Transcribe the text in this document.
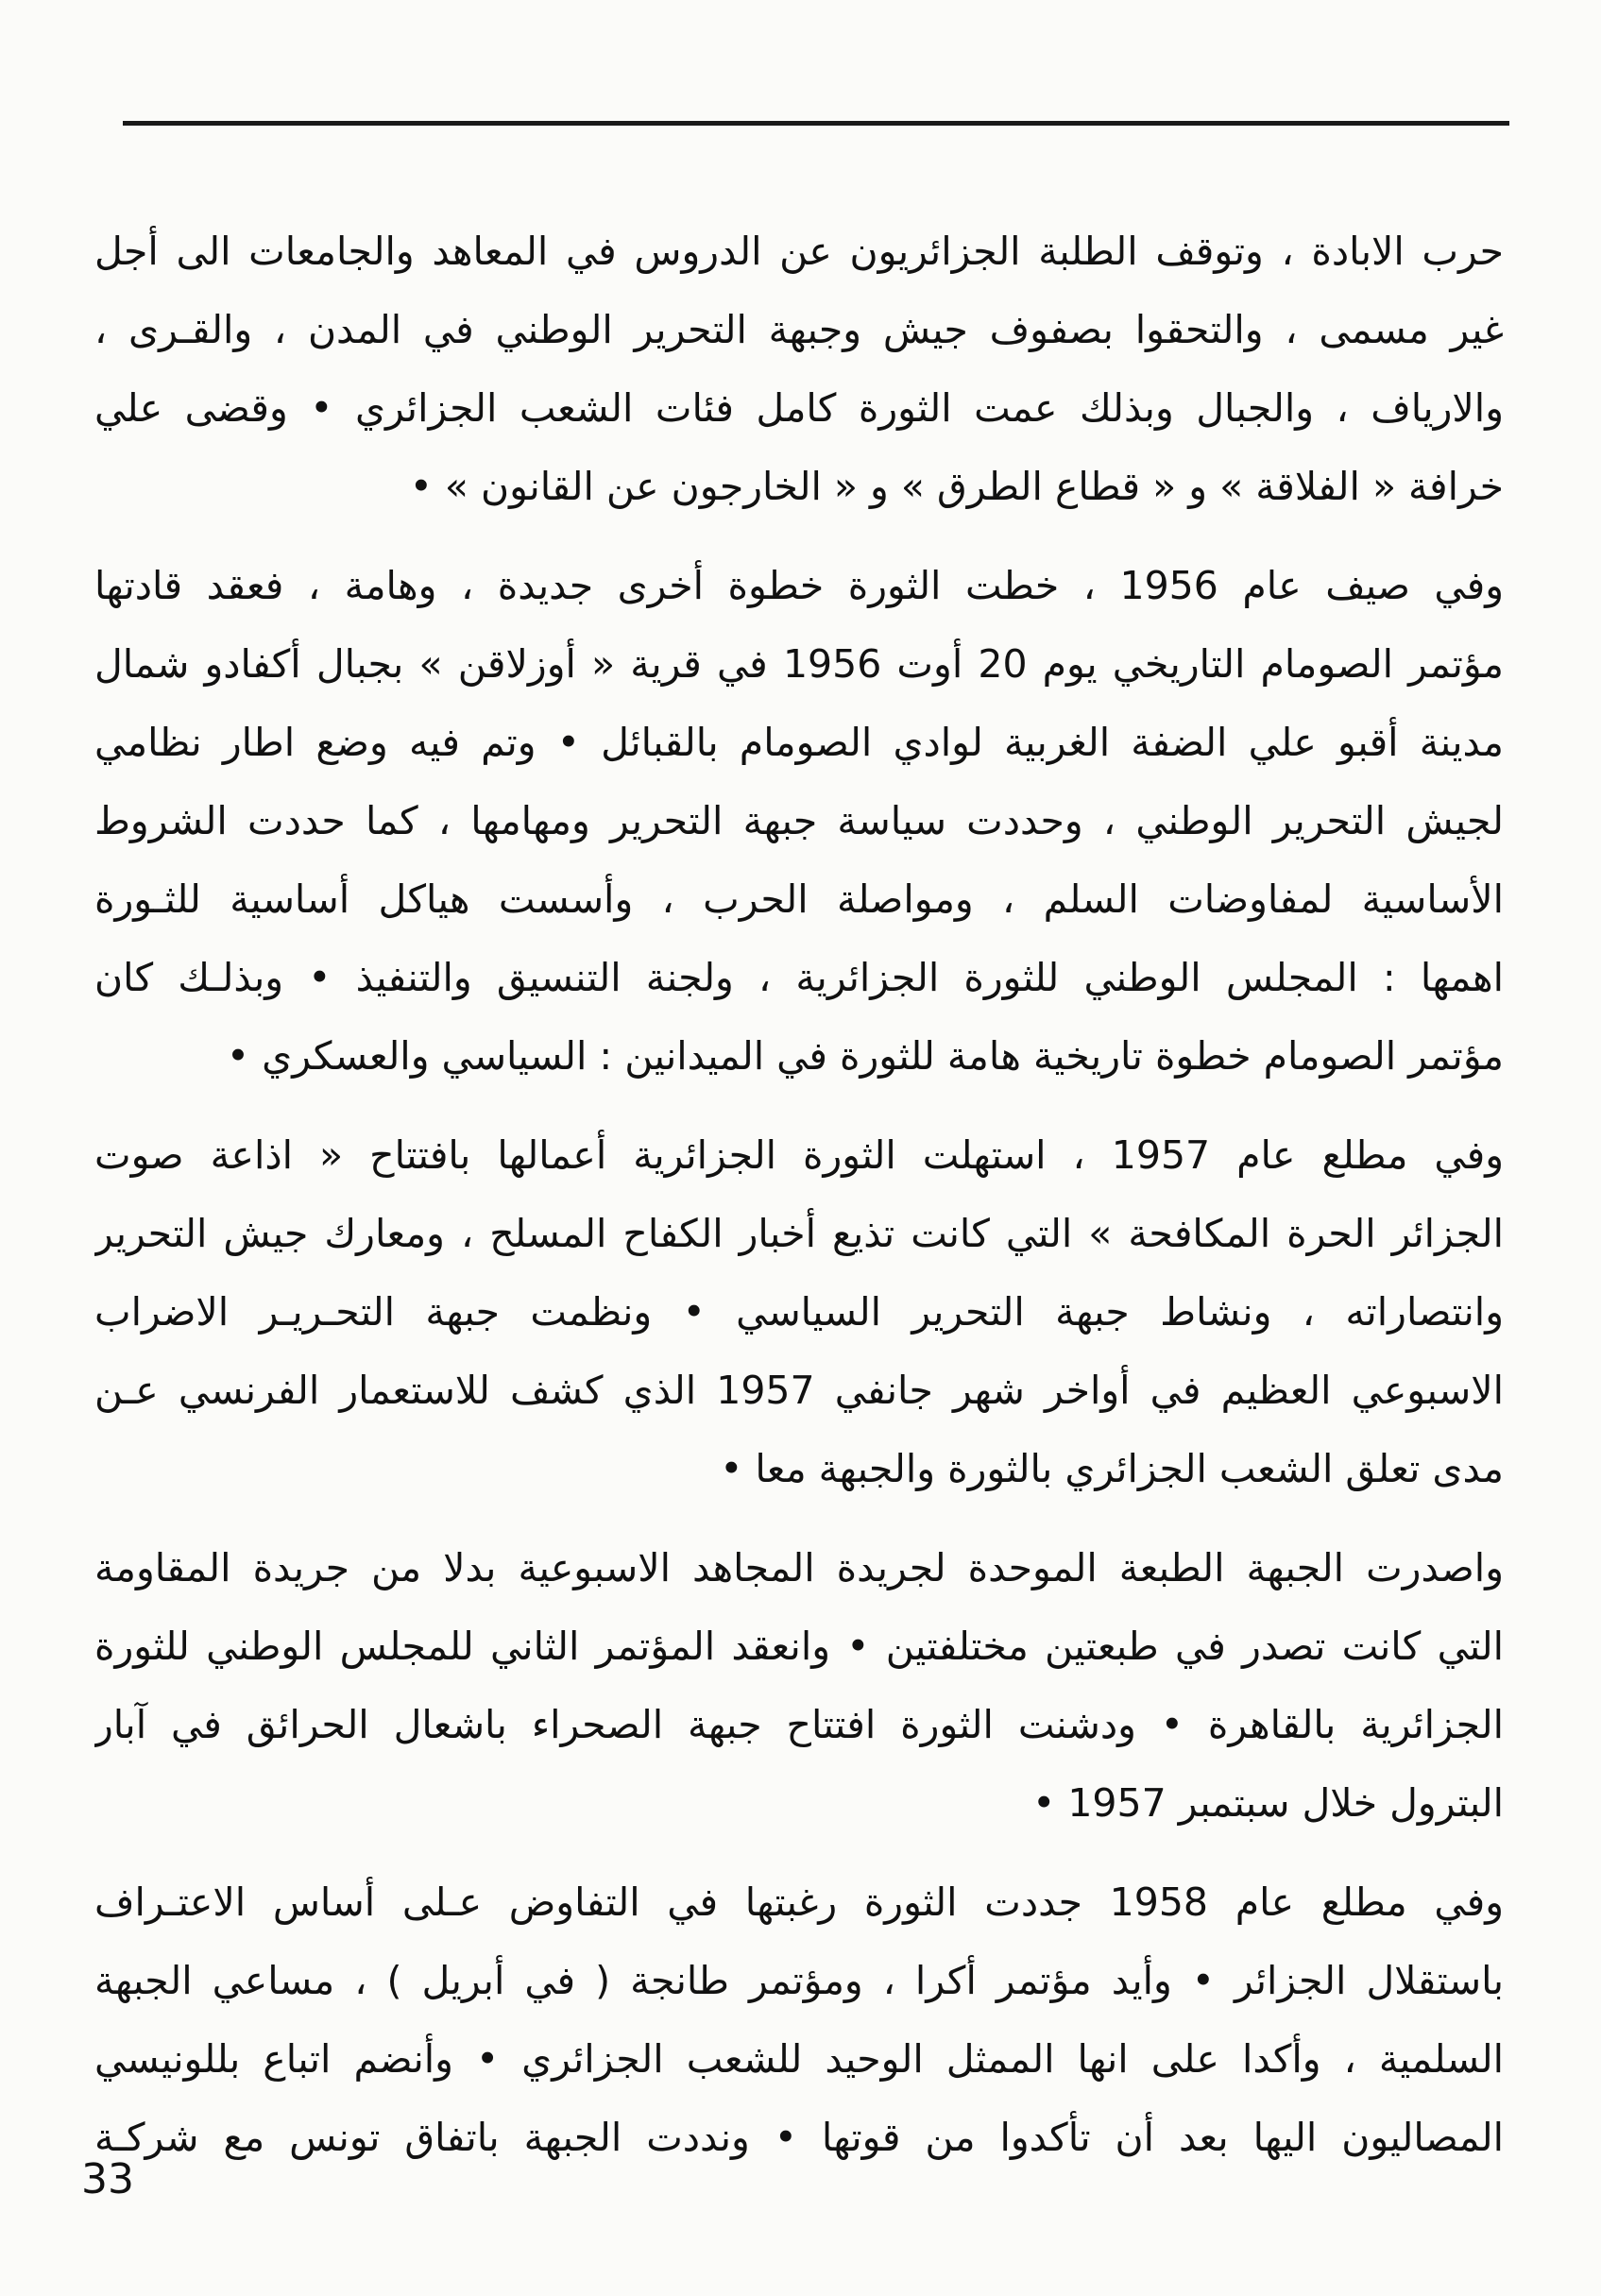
حرب الابادة ، وتوقف الطلبة الجزائريون عن الدروس في المعاهد والجامعات الى أجل
غير مسمى ، والتحقوا بصفوف جيش وجبهة التحرير الوطني في المدن ، والقـرى ،
والارياف ، والجبال وبذلك عمت الثورة كامل فئات الشعب الجزائري • وقضى علي
خرافة « الفلاقة » و « قطاع الطرق » و « الخارجون عن القانون » •
وفي صيف عام 1956 ، خطت الثورة خطوة أخرى جديدة ، وهامة ، فعقد قادتها
مؤتمر الصومام التاريخي يوم 20 أوت 1956 في قرية « أوزلاقن » بجبال أكفادو شمال
مدينة أقبو علي الضفة الغربية لوادي الصومام بالقبائل • وتم فيه وضع اطار نظامي
لجيش التحرير الوطني ، وحددت سياسة جبهة التحرير ومهامها ، كما حددت الشروط
الأساسية لمفاوضات السلم ، ومواصلة الحرب ، وأسست هياكل أساسية للثـورة
اهمها : المجلس الوطني للثورة الجزائرية ، ولجنة التنسيق والتنفيذ • وبذلـك كان
مؤتمر الصومام خطوة تاريخية هامة للثورة في الميدانين : السياسي والعسكري •
وفي مطلع عام 1957 ، استهلت الثورة الجزائرية أعمالها بافتتاح « اذاعة صوت
الجزائر الحرة المكافحة » التي كانت تذيع أخبار الكفاح المسلح ، ومعارك جيش التحرير
وانتصاراته ، ونشاط جبهة التحرير السياسي • ونظمت جبهة التحـريـر الاضراب
الاسبوعي العظيم في أواخر شهر جانفي 1957 الذي كشف للاستعمار الفرنسي عـن
مدى تعلق الشعب الجزائري بالثورة والجبهة معا •
واصدرت الجبهة الطبعة الموحدة لجريدة المجاهد الاسبوعية بدلا من جريدة المقاومة
التي كانت تصدر في طبعتين مختلفتين • وانعقد المؤتمر الثاني للمجلس الوطني للثورة
الجزائرية بالقاهرة • ودشنت الثورة افتتاح جبهة الصحراء باشعال الحرائق في آبار
البترول خلال سبتمبر 1957 •
وفي مطلع عام 1958 جددت الثورة رغبتها في التفاوض عـلى أساس الاعتـراف
باستقلال الجزائر • وأيد مؤتمر أكرا ، ومؤتمر طانجة ( في أبريل ) ، مساعي الجبهة
السلمية ، وأكدا على انها الممثل الوحيد للشعب الجزائري • وأنضم اتباع بللونيسي
المصاليون اليها بعد أن تأكدوا من قوتها • ونددت الجبهة باتفاق تونس مع شركـة
33
